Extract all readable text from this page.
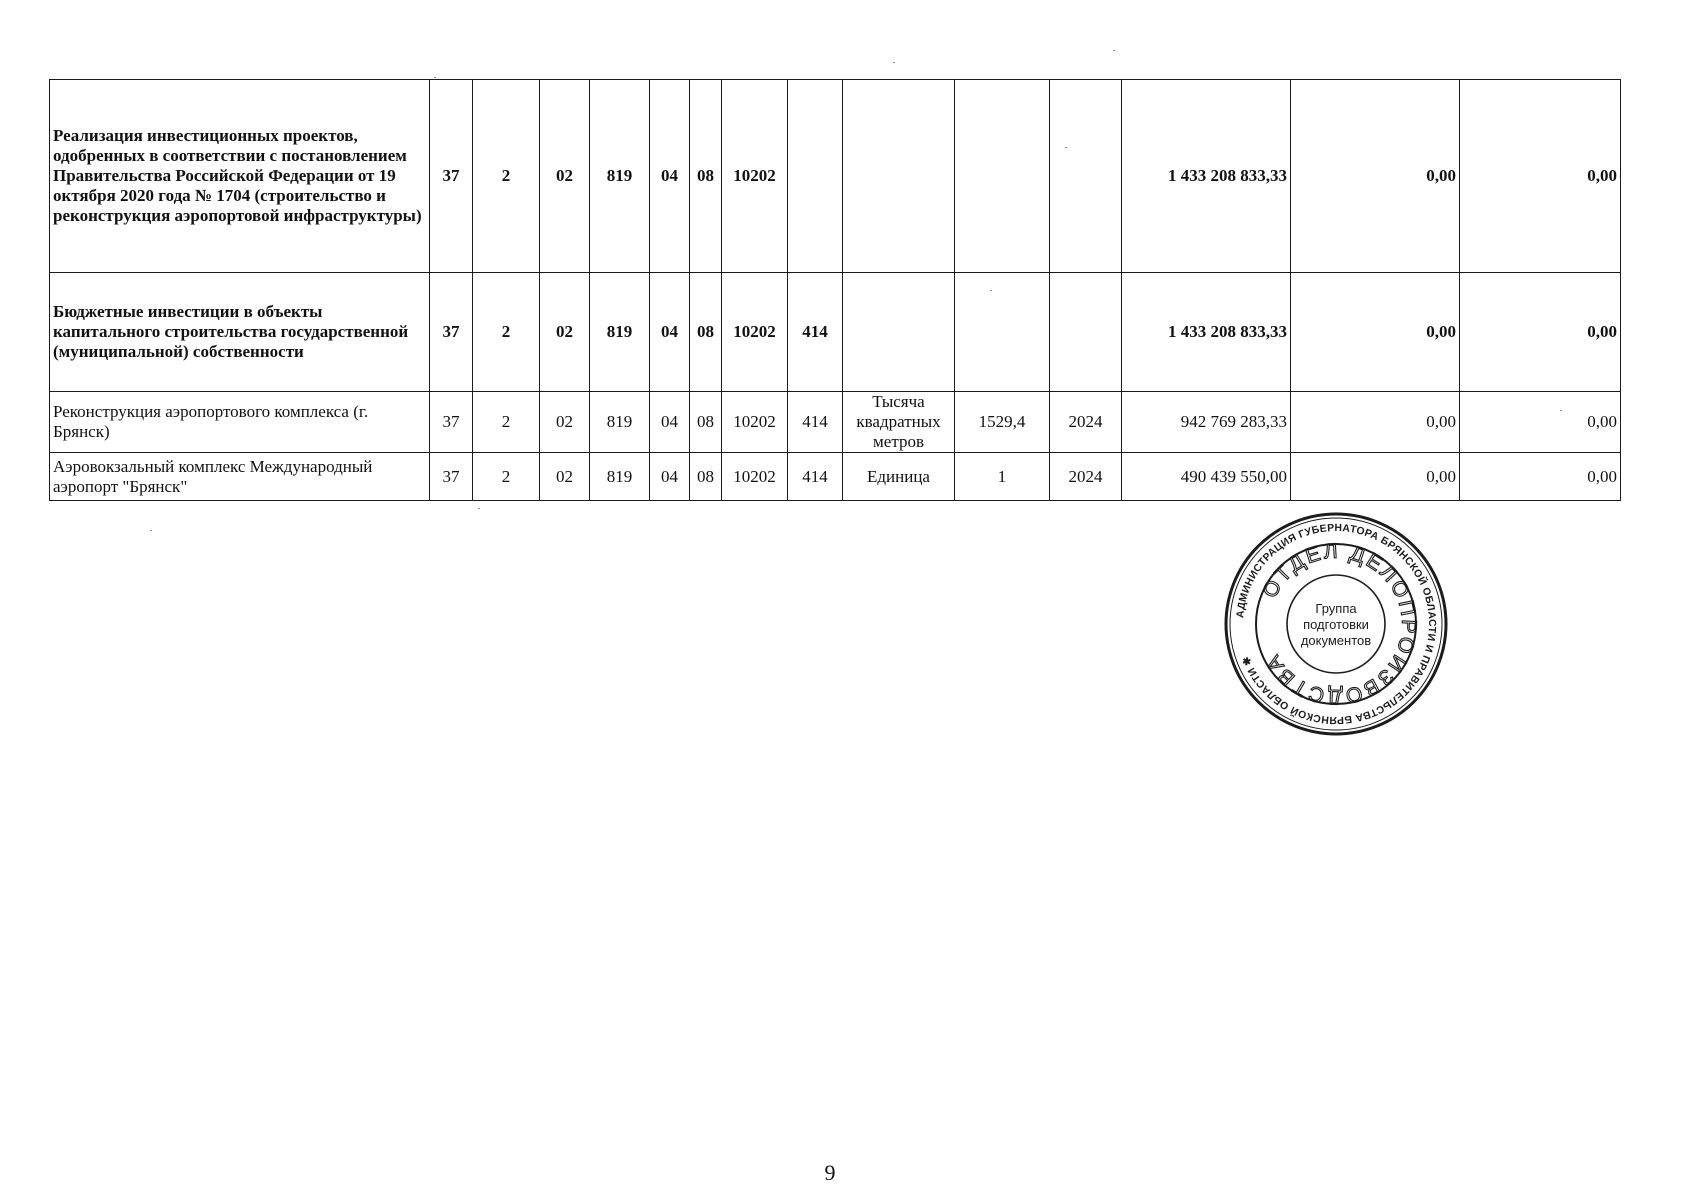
Реализация инвестиционных проектов, одобренных в соответствии с постановлением Правительства Российской Федерации от 19 октября 2020 года № 1704 (строительство и реконструкция аэропортовой инфраструктуры)	37	2	02	819	04	08	10202					1 433 208 833,33	0,00	0,00
Бюджетные инвестиции в объекты капитального строительства государственной (муниципальной) собственности	37	2	02	819	04	08	10202	414				1 433 208 833,33	0,00	0,00
Реконструкция аэропортового комплекса (г. Брянск)	37	2	02	819	04	08	10202	414	Тысяча квадратных метров	1529,4	2024	942 769 283,33	0,00	0,00
Аэровокзальный комплекс Международный аэропорт "Брянск"	37	2	02	819	04	08	10202	414	Единица	1	2024	490 439 550,00	0,00	0,00
АДМИНИСТРАЦИЯ ГУБЕРНАТОРА БРЯНСКОЙ ОБЛАСТИ И ПРАВИТЕЛЬСТВА БРЯНСКОЙ ОБЛАСТИ ✱
ОТДЕЛ ДЕЛОПРОИЗВОДСТВА
Группа
подготовки
документов
9
